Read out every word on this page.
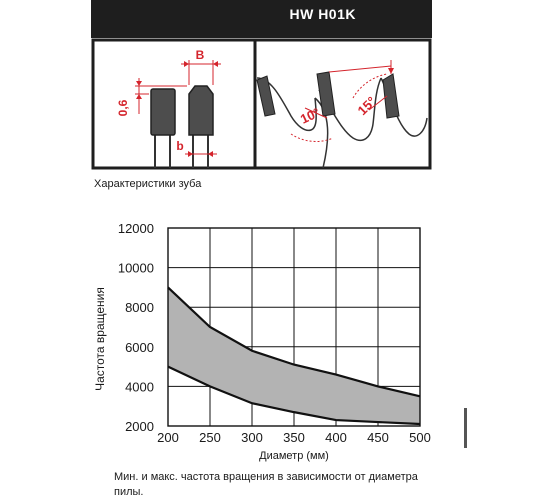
HW H01K
B
b
0,6	10° 15°
Характеристики зуба
200 250 300 350 400 450 500
2000
4000
6000
8000
10000
12000
Диаметр (мм)
Частота вращения
Мин. и макс. частота вращения в зависимости от диаметра пилы.
